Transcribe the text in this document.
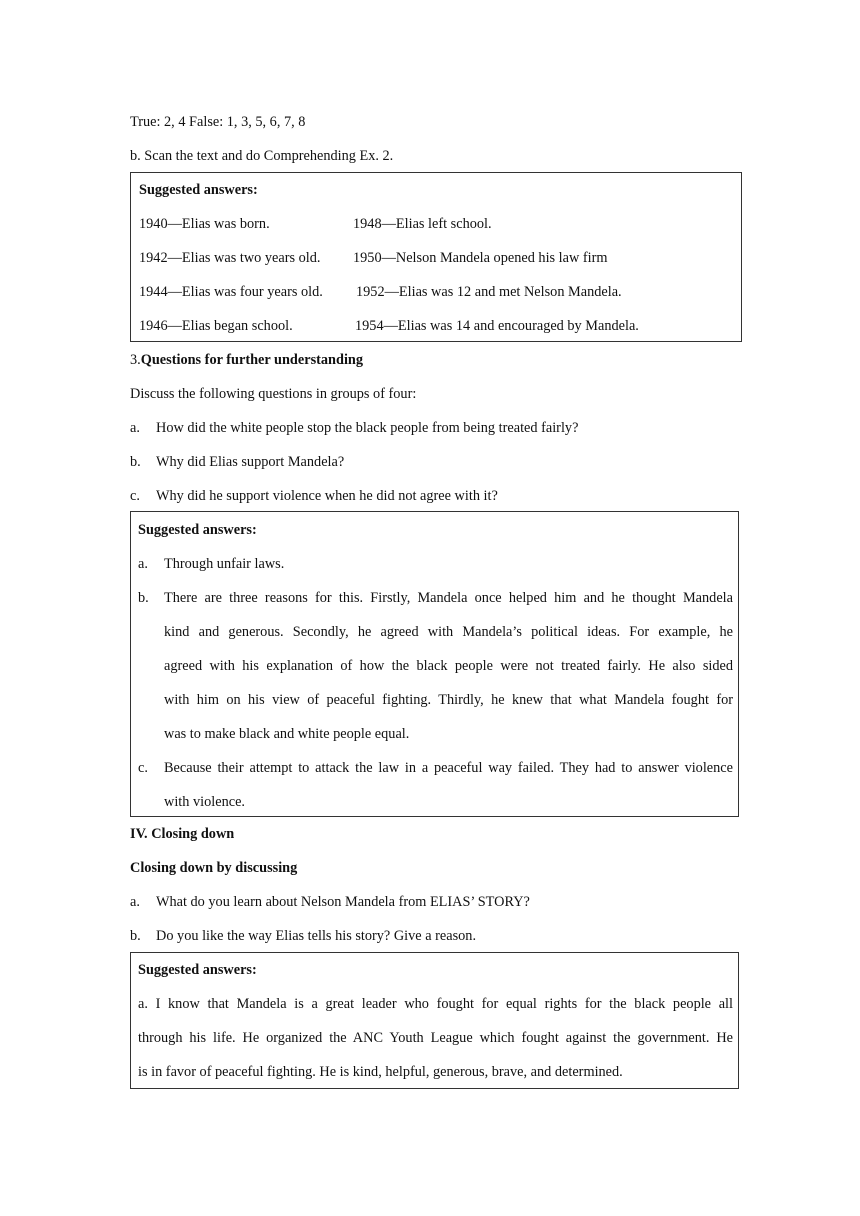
True: 2, 4 False: 1, 3, 5, 6, 7, 8
b. Scan the text and do Comprehending Ex. 2.
Suggested answers:
1940—Elias was born.	1948—Elias left school.
1942—Elias was two years old. 1950—Nelson Mandela opened his law firm
1944—Elias was four years old. 1952—Elias was 12 and met Nelson Mandela.
1946—Elias began school.	1954—Elias was 14 and encouraged by Mandela.
3.Questions for further understanding
Discuss the following questions in groups of four:
a. How did the white people stop the black people from being treated fairly?
b. Why did Elias support Mandela?
c. Why did he support violence when he did not agree with it?
Suggested answers:
a. Through unfair laws.
b. There are three reasons for this. Firstly, Mandela once helped him and he thought Mandela
kind and generous. Secondly, he agreed with Mandela’s political ideas. For example, he
agreed with his explanation of how the black people were not treated fairly. He also sided
with him on his view of peaceful fighting. Thirdly, he knew that what Mandela fought for
was to make black and white people equal.
c. Because their attempt to attack the law in a peaceful way failed. They had to answer violence
with violence.
IV. Closing down
Closing down by discussing
a. What do you learn about Nelson Mandela from ELIAS’ STORY?
b. Do you like the way Elias tells his story? Give a reason.
Suggested answers:
a. I know that Mandela is a great leader who fought for equal rights for the black people all
through his life. He organized the ANC Youth League which fought against the government. He
is in favor of peaceful fighting. He is kind, helpful, generous, brave, and determined.
